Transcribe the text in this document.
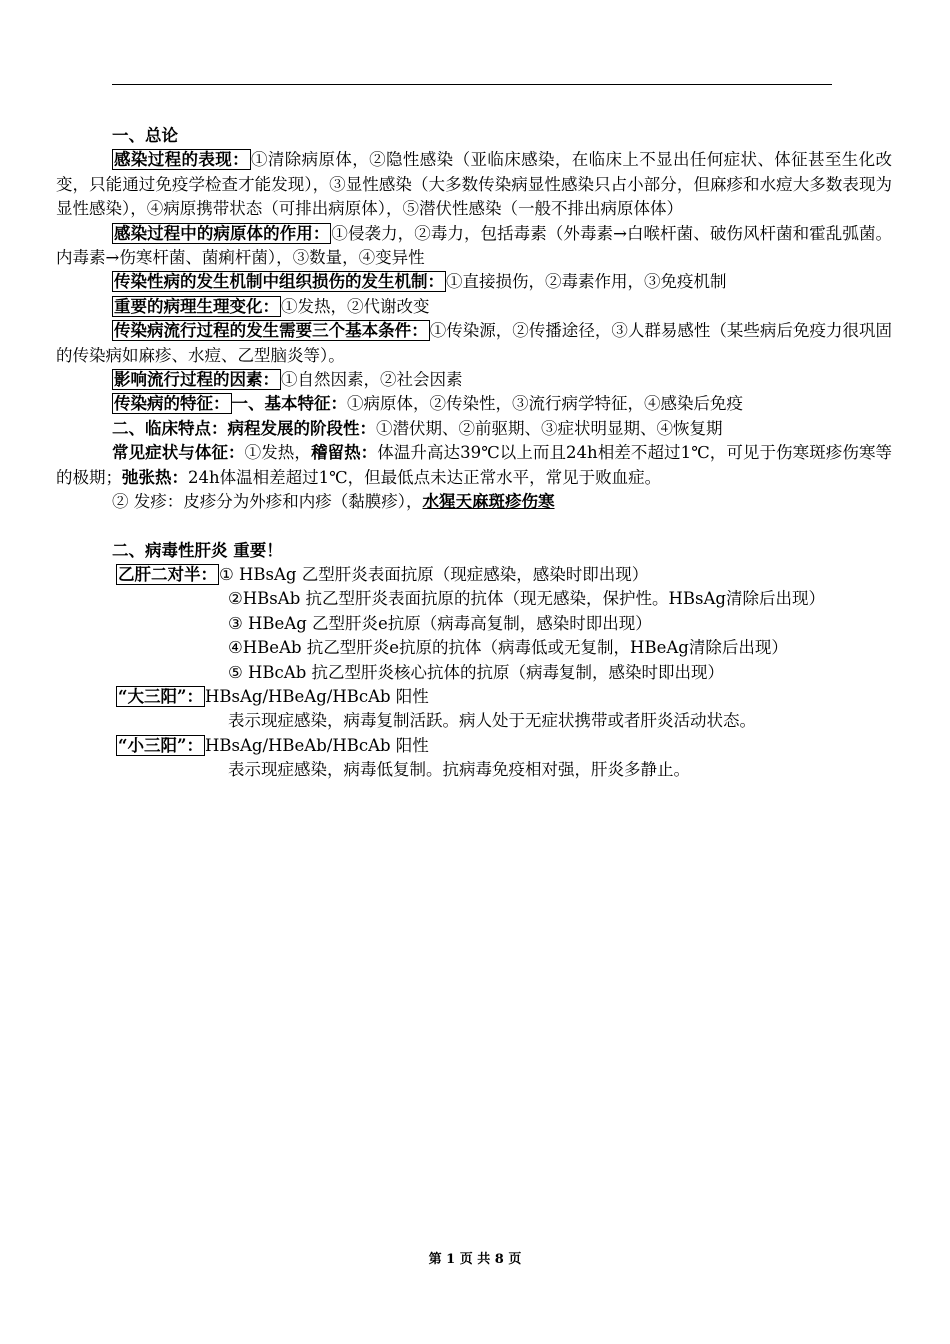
一、总论

感染过程的表现： ①清除病原体，②隐性感染（亚临床感染，在临床上不显出任何症状、体征甚至生化改变，只能通过免疫学检查才能发现），③显性感染（大多数传染病显性感染只占小部分，但麻疹和水痘大多数表现为显性感染），④病原携带状态（可排出病原体），⑤潜伏性感染（一般不排出病原体体）

感染过程中的病原体的作用： ①侵袭力，②毒力，包括毒素（外毒素→白喉杆菌、破伤风杆菌和霍乱弧菌。内毒素→伤寒杆菌、菌痢杆菌），③数量，④变异性

传染性病的发生机制中组织损伤的发生机制： ①直接损伤，②毒素作用，③免疫机制

重要的病理生理变化： ①发热，②代谢改变

传染病流行过程的发生需要三个基本条件： ①传染源，②传播途径，③人群易感性（某些病后免疫力很巩固的传染病如麻疹、水痘、乙型脑炎等）。

影响流行过程的因素： ①自然因素，②社会因素

传染病的特征： 一、基本特征：①病原体，②传染性，③流行病学特征，④感染后免疫

二、临床特点：病程发展的阶段性：①潜伏期、②前驱期、③症状明显期、④恢复期

常见症状与体征：①发热，稽留热：体温升高达39℃以上而且24h相差不超过1℃，可见于伤寒斑疹伤寒等的极期；弛张热：24h体温相差超过1℃，但最低点未达正常水平，常见于败血症。

② 发疹：皮疹分为外疹和内疹（黏膜疹），水猩天麻斑疹伤寒

二、病毒性肝炎 重要！

乙肝二对半： ① HBsAg 乙型肝炎表面抗原（现症感染，感染时即出现）

②HBsAb 抗乙型肝炎表面抗原的抗体（现无感染，保护性。HBsAg清除后出现）

③ HBeAg 乙型肝炎e抗原（病毒高复制，感染时即出现）

④HBeAb 抗乙型肝炎e抗原的抗体（病毒低或无复制，HBeAg清除后出现）

⑤ HBcAb 抗乙型肝炎核心抗体的抗原（病毒复制，感染时即出现）

“大三阳”： HBsAg/HBeAg/HBcAb 阳性

表示现症感染，病毒复制活跃。病人处于无症状携带或者肝炎活动状态。

“小三阳”： HBsAg/HBeAb/HBcAb 阳性

表示现症感染，病毒低复制。抗病毒免疫相对强，肝炎多静止。

第 1 页 共 8 页
